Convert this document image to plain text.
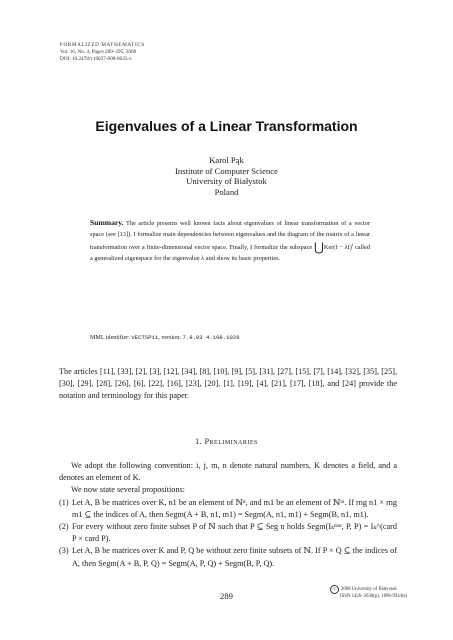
FORMALIZED MATHEMATICS
Vol. 16, No. 4, Pages 289–295, 2008
DOI: 10.2478/v10037-008-0035-x
Eigenvalues of a Linear Transformation
Karol Pąk
Institute of Computer Science
University of Białystok
Poland
Summary. The article presents well known facts about eigenvalues of linear transformation of a vector space (see [13]). I formalize main dependencies between eigenvalues and the diagram of the matrix of a linear transformation over a finite-dimensional vector space. Finally, I formalize the subspace ⋃Ker(f − λI)$^i$ called a generalized eigenspace for the eigenvalue λ and show its basic properties.
MML identifier: VECTSP11, version: 7.9.03 4.108.1028
The articles [11], [33], [2], [3], [12], [34], [8], [10], [9], [5], [31], [27], [15], [7], [14], [32], [35], [25], [30], [29], [28], [26], [6], [22], [16], [23], [20], [1], [19], [4], [21], [17], [18], and [24] provide the notation and terminology for this paper.
1. Preliminaries
We adopt the following convention: i, j, m, n denote natural numbers, K denotes a field, and a denotes an element of K.
We now state several propositions:
(1) Let A, B be matrices over K, n1 be an element of ℕⁿ, and m1 be an element of ℕᵐ. If rng n1 × rng m1 ⊆ the indices of A, then Segm(A + B, n1, m1) = Segm(A, n1, m1) + Segm(B, n1, m1).
(2) For every without zero finite subset P of ℕ such that P ⊆ Seg n holds Segm(Iₖⁿˣⁿ, P, P) = Iₖ^(card P × card P).
(3) Let A, B be matrices over K and P, Q be without zero finite subsets of ℕ. If P × Q ⊆ the indices of A, then Segm(A + B, P, Q) = Segm(A, P, Q) + Segm(B, P, Q).
289
c 2008 University of Białystok
ISSN 1426–2630(p), 1898-9934(e)
